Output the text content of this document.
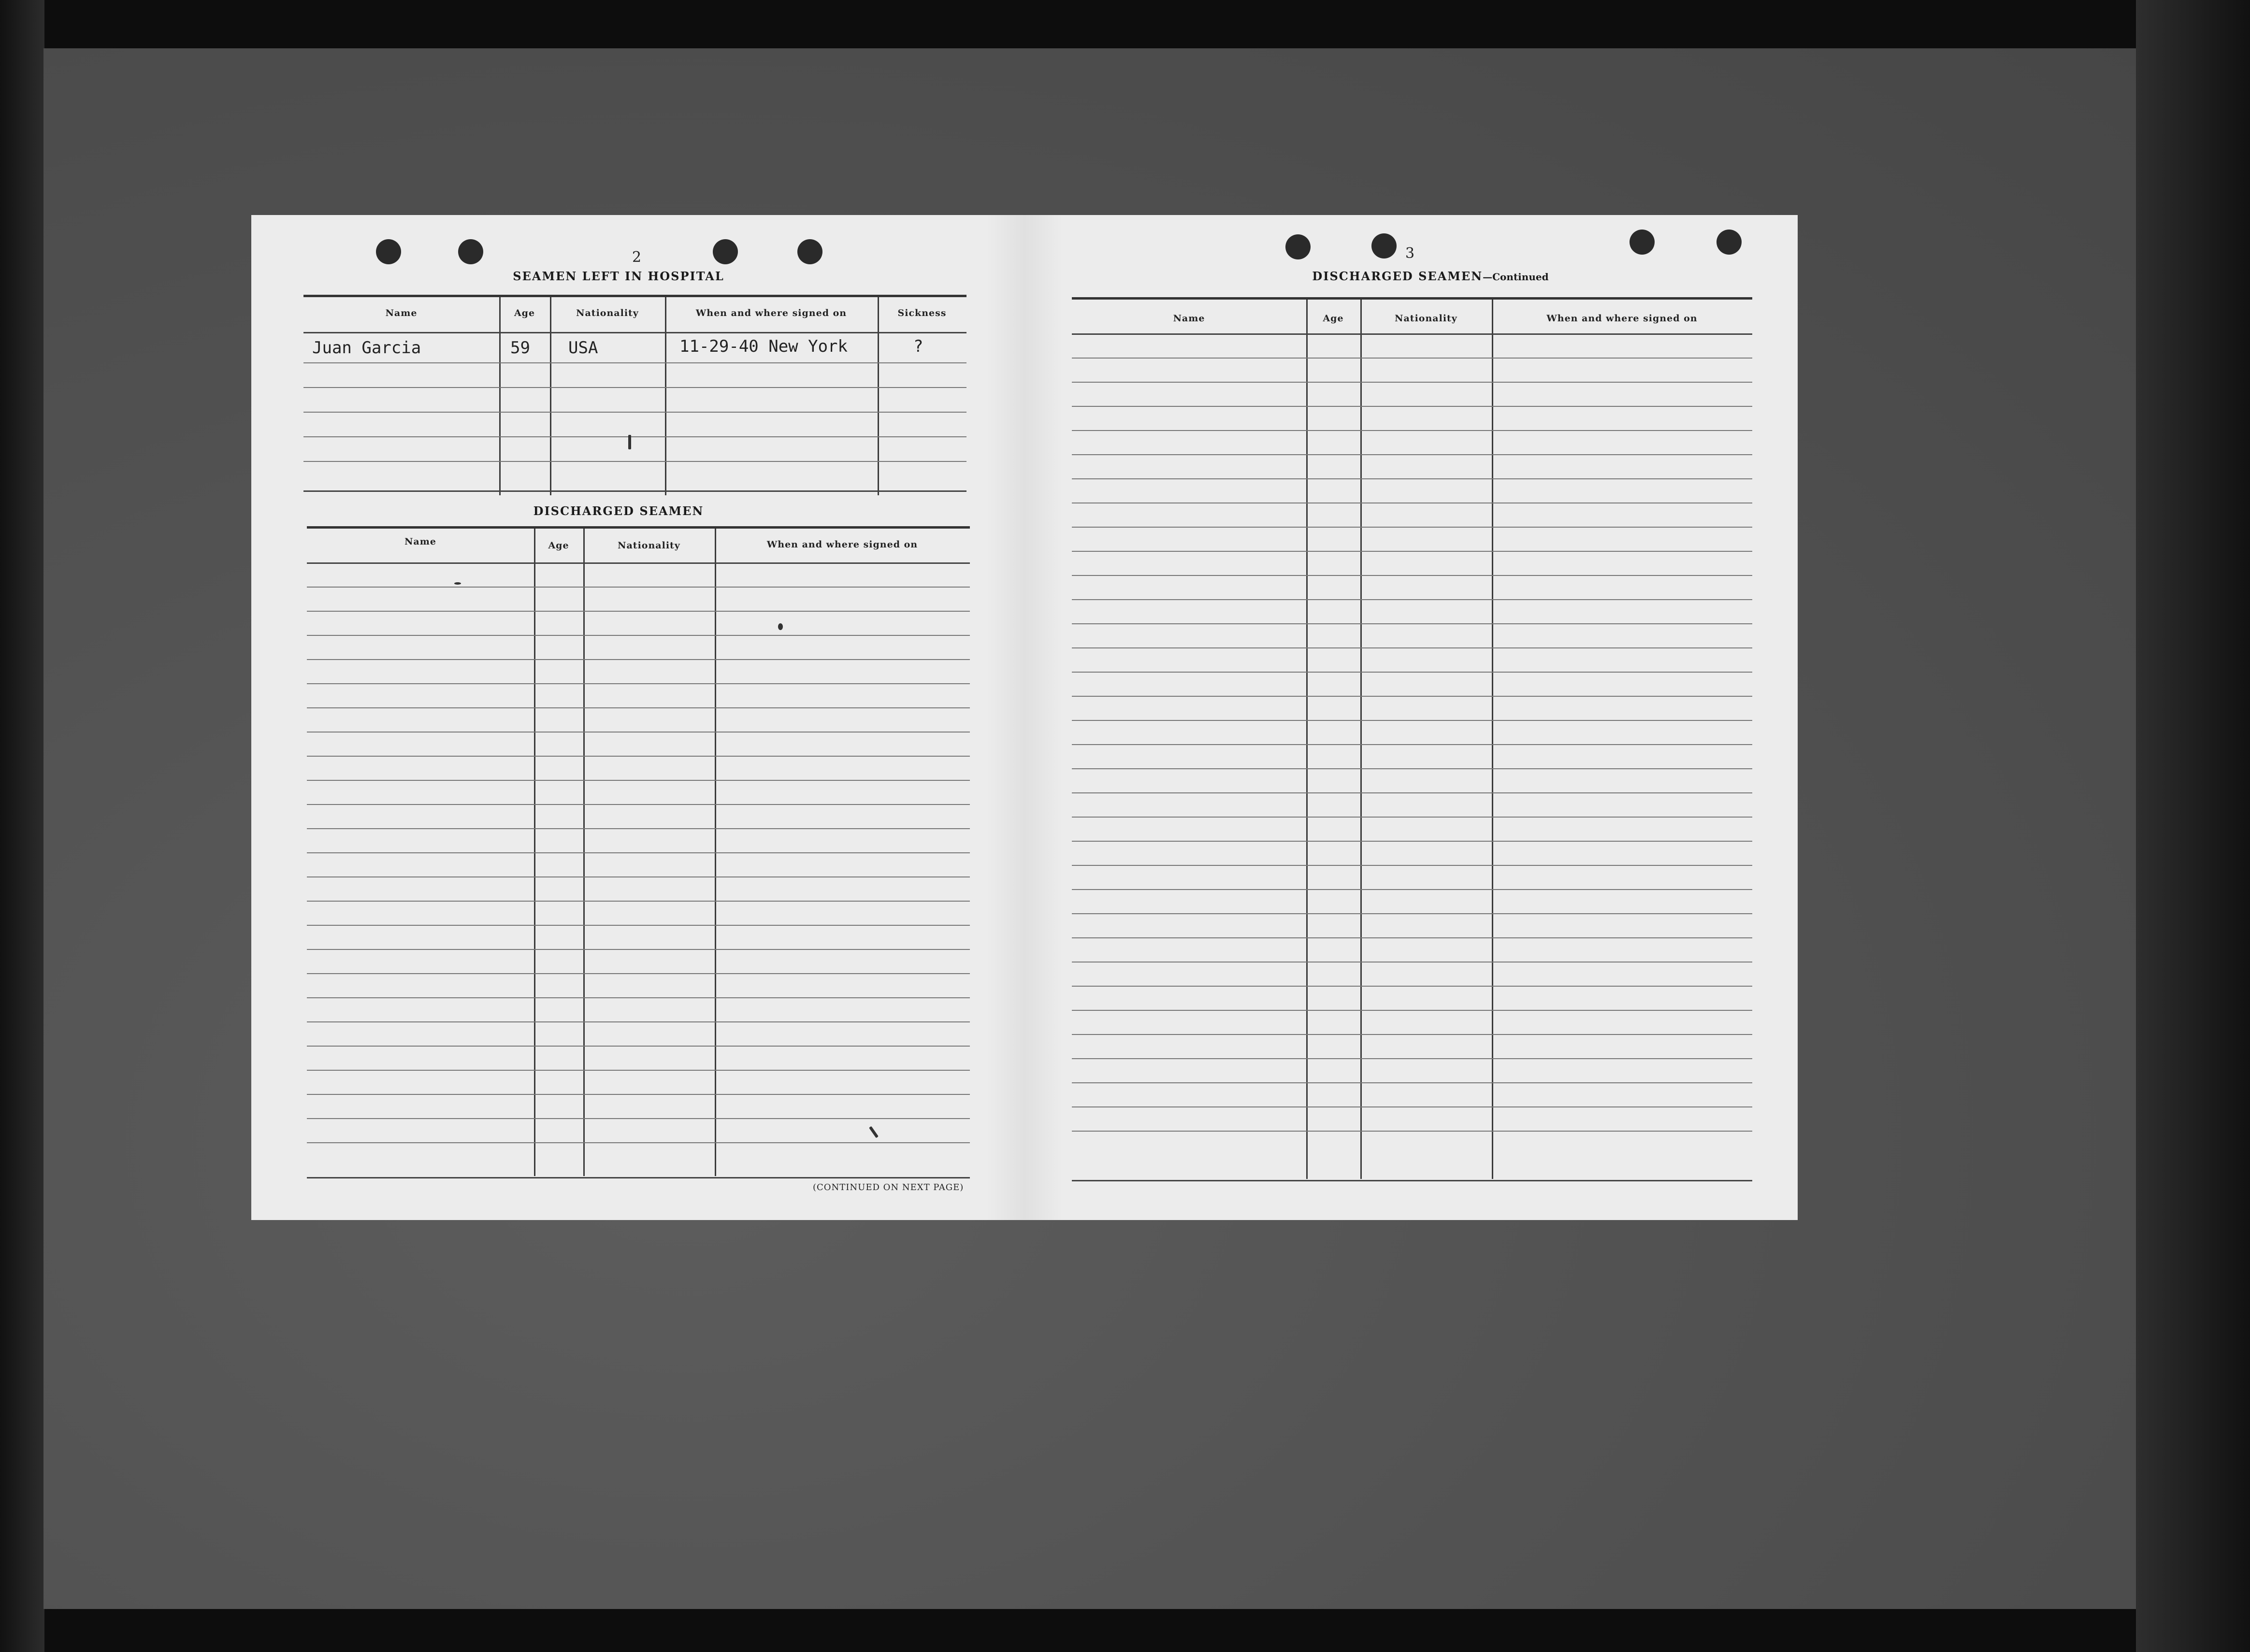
2
SEAMEN LEFT IN HOSPITAL
Name	Age	Nationality	When and where signed on	Sickness
Juan Garcia	59 USA	11-29-40 New York	?
DISCHARGED SEAMEN
Name	Age	Nationality	When and where signed on
(CONTINUED ON NEXT PAGE)
3
DISCHARGED SEAMEN—Continued
Name	Age	Nationality	When and where signed on
